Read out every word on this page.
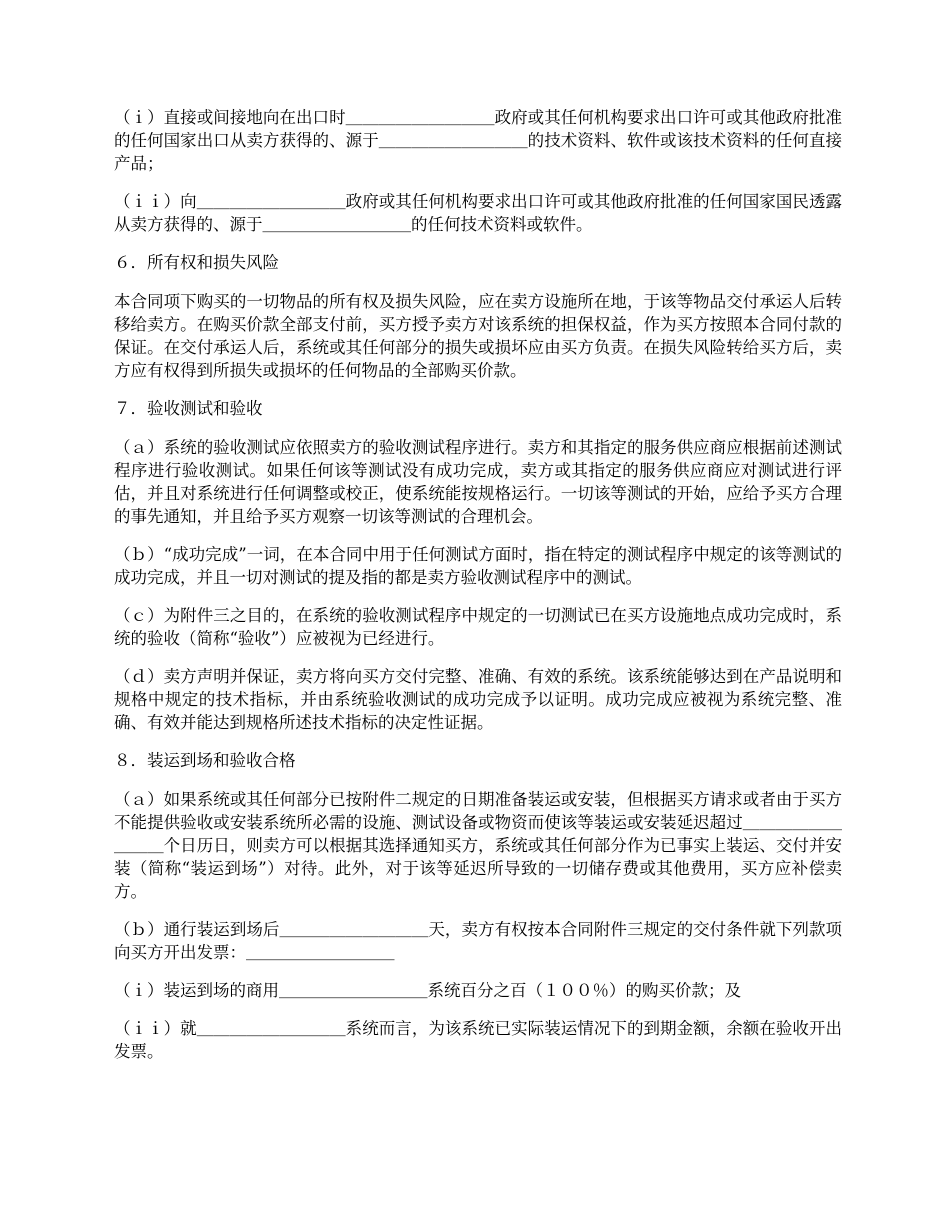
（ｉ）直接或间接地向在出口时＿＿＿＿＿＿＿＿＿政府或其任何机构要求出口许可或其他政府批准的任何国家出口从卖方获得的、源于＿＿＿＿＿＿＿＿＿的技术资料、软件或该技术资料的任何直接产品；

（ｉｉ）向＿＿＿＿＿＿＿＿＿政府或其任何机构要求出口许可或其他政府批准的任何国家国民透露从卖方获得的、源于＿＿＿＿＿＿＿＿＿的任何技术资料或软件。

６．所有权和损失风险

本合同项下购买的一切物品的所有权及损失风险，应在卖方设施所在地，于该等物品交付承运人后转移给卖方。在购买价款全部支付前，买方授予卖方对该系统的担保权益，作为买方按照本合同付款的保证。在交付承运人后，系统或其任何部分的损失或损坏应由买方负责。在损失风险转给买方后，卖方应有权得到所损失或损坏的任何物品的全部购买价款。

７．验收测试和验收

（ａ）系统的验收测试应依照卖方的验收测试程序进行。卖方和其指定的服务供应商应根据前述测试程序进行验收测试。如果任何该等测试没有成功完成，卖方或其指定的服务供应商应对测试进行评估，并且对系统进行任何调整或校正，使系统能按规格运行。一切该等测试的开始，应给予买方合理的事先通知，并且给予买方观察一切该等测试的合理机会。

（ｂ）“成功完成”一词，在本合同中用于任何测试方面时，指在特定的测试程序中规定的该等测试的成功完成，并且一切对测试的提及指的都是卖方验收测试程序中的测试。

（ｃ）为附件三之目的，在系统的验收测试程序中规定的一切测试已在买方设施地点成功完成时，系统的验收（简称“验收”）应被视为已经进行。

（ｄ）卖方声明并保证，卖方将向买方交付完整、准确、有效的系统。该系统能够达到在产品说明和规格中规定的技术指标，并由系统验收测试的成功完成予以证明。成功完成应被视为系统完整、准确、有效并能达到规格所述技术指标的决定性证据。

８．装运到场和验收合格

（ａ）如果系统或其任何部分已按附件二规定的日期准备装运或安装，但根据买方请求或者由于买方不能提供验收或安装系统所必需的设施、测试设备或物资而使该等装运或安装延迟超过＿＿＿＿＿＿＿＿＿个日历日，则卖方可以根据其选择通知买方，系统或其任何部分作为已事实上装运、交付并安装（简称“装运到场”）对待。此外，对于该等延迟所导致的一切储存费或其他费用，买方应补偿卖方。

（ｂ）通行装运到场后＿＿＿＿＿＿＿＿＿天，卖方有权按本合同附件三规定的交付条件就下列款项向买方开出发票：＿＿＿＿＿＿＿＿＿

（ｉ）装运到场的商用＿＿＿＿＿＿＿＿＿系统百分之百（１００％）的购买价款；及

（ｉｉ）就＿＿＿＿＿＿＿＿＿系统而言，为该系统已实际装运情况下的到期金额，余额在验收开出发票。
